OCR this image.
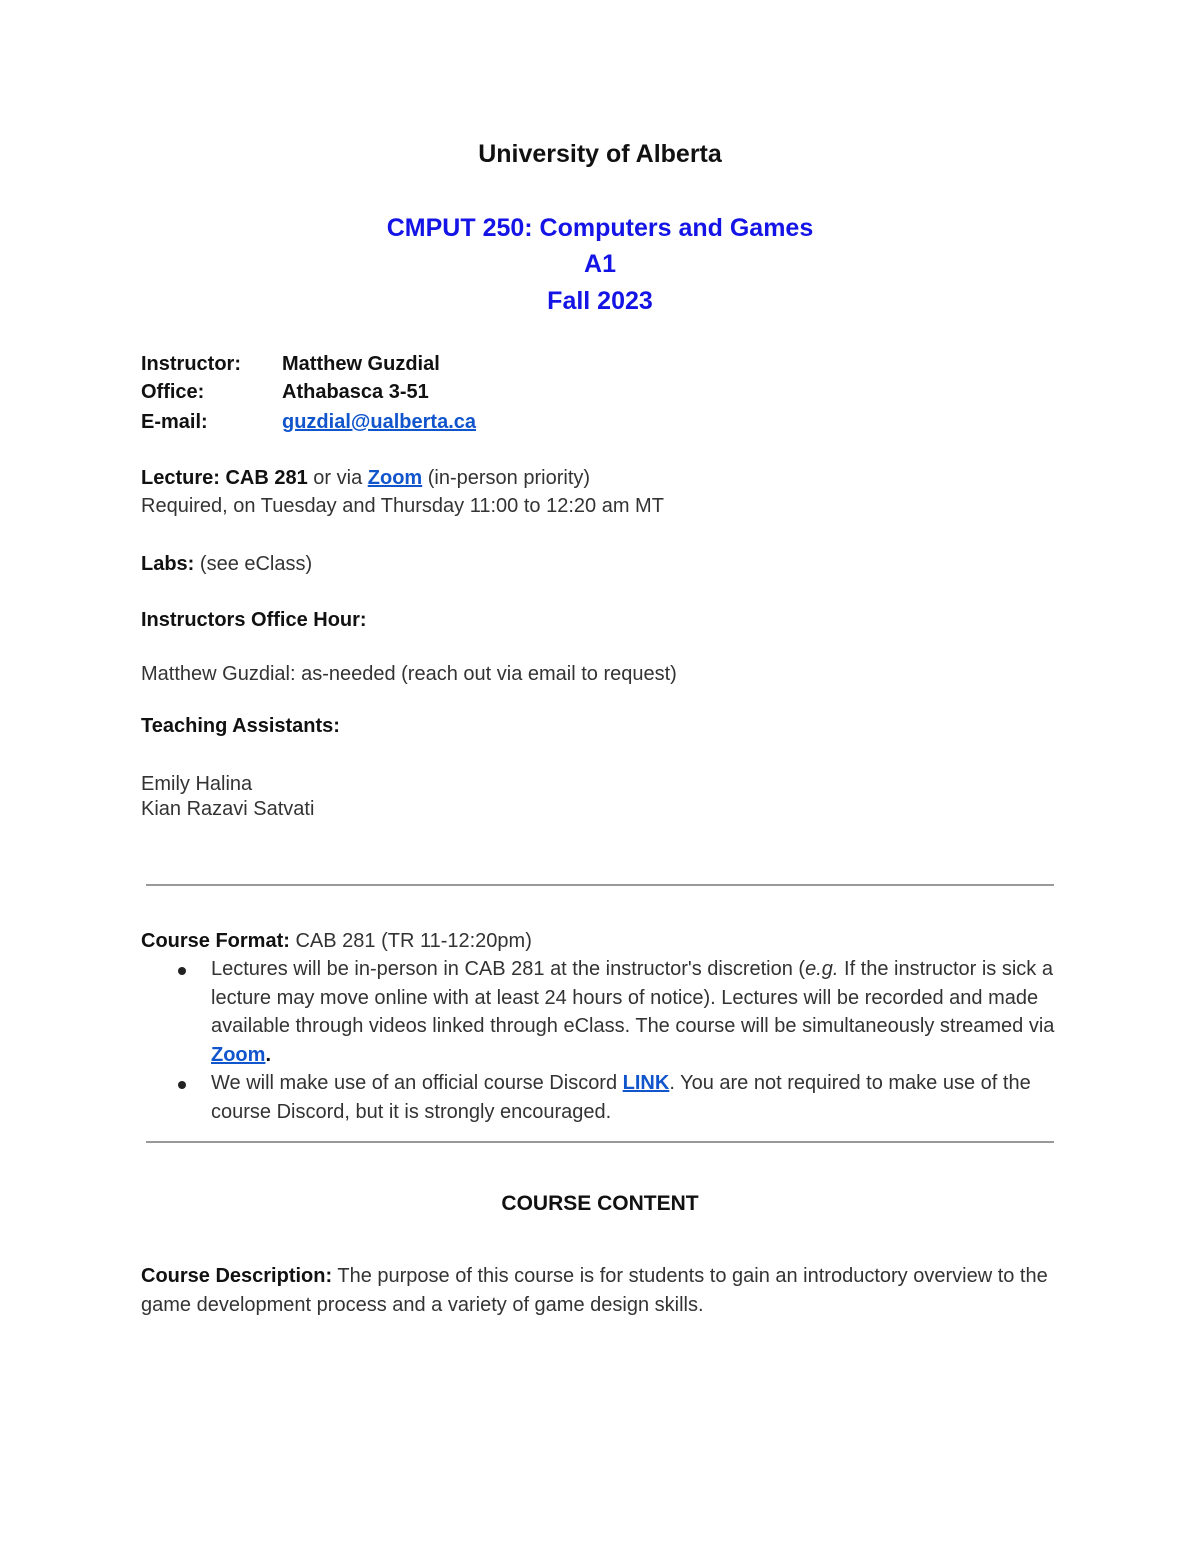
University of Alberta
CMPUT 250: Computers and Games
A1
Fall 2023
Instructor: Matthew Guzdial
Office:	Athabasca 3-51
E-mail:	guzdial@ualberta.ca
Lecture: CAB 281 or via Zoom (in-person priority)
Required, on Tuesday and Thursday 11:00 to 12:20 am MT
Labs: (see eClass)
Instructors Office Hour:
Matthew Guzdial: as-needed (reach out via email to request)
Teaching Assistants:
Emily Halina
Kian Razavi Satvati
Course Format: CAB 281 (TR 11-12:20pm)
Lectures will be in-person in CAB 281 at the instructor's discretion (e.g. If the instructor is sick a lecture may move online with at least 24 hours of notice). Lectures will be recorded and made available through videos linked through eClass. The course will be simultaneously streamed via Zoom.
We will make use of an official course Discord LINK. You are not required to make use of the course Discord, but it is strongly encouraged.
COURSE CONTENT
Course Description: The purpose of this course is for students to gain an introductory overview to the game development process and a variety of game design skills.
